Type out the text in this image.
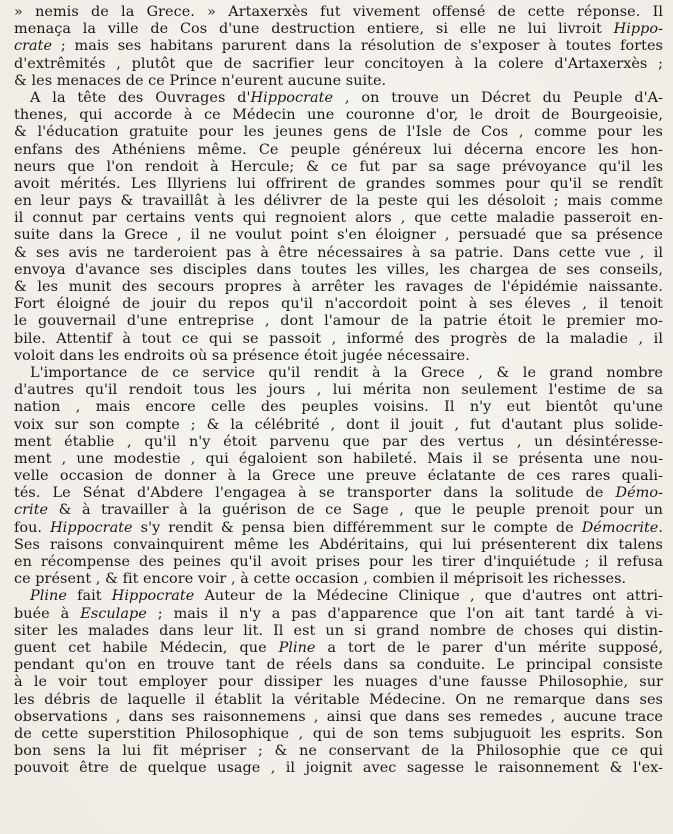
» nemis de la Grece. » Artaxerxès fut vivement offensé de cette réponse. Il
menaça la ville de Cos d'une destruction entiere, si elle ne lui livroit Hippo-
crate ; mais ses habitans parurent dans la résolution de s'exposer à toutes fortes
d'extrêmités , plutôt que de sacrifier leur concitoyen à la colere d'Artaxerxès ;
& les menaces de ce Prince n'eurent aucune suite.
A la tête des Ouvrages d'Hippocrate , on trouve un Décret du Peuple d'A-
thenes, qui accorde à ce Médecin une couronne d'or, le droit de Bourgeoisie,
& l'éducation gratuite pour les jeunes gens de l'Isle de Cos , comme pour les
enfans des Athéniens même. Ce peuple généreux lui décerna encore les hon-
neurs que l'on rendoit à Hercule; & ce fut par sa sage prévoyance qu'il les
avoit mérités. Les Illyriens lui offrirent de grandes sommes pour qu'il se rendît
en leur pays & travaillât à les délivrer de la peste qui les désoloit ; mais comme
il connut par certains vents qui regnoient alors , que cette maladie passeroit en-
suite dans la Grece , il ne voulut point s'en éloigner , persuadé que sa présence
& ses avis ne tarderoient pas à être nécessaires à sa patrie. Dans cette vue , il
envoya d'avance ses disciples dans toutes les villes, les chargea de ses conseils,
& les munit des secours propres à arrêter les ravages de l'épidémie naissante.
Fort éloigné de jouir du repos qu'il n'accordoit point à ses éleves , il tenoit
le gouvernail d'une entreprise , dont l'amour de la patrie étoit le premier mo-
bile. Attentif à tout ce qui se passoit , informé des progrès de la maladie , il
voloit dans les endroits où sa présence étoit jugée nécessaire.
L'importance de ce service qu'il rendit à la Grece , & le grand nombre
d'autres qu'il rendoit tous les jours , lui mérita non seulement l'estime de sa
nation , mais encore celle des peuples voisins. Il n'y eut bientôt qu'une
voix sur son compte ; & la célébrité , dont il jouit , fut d'autant plus solide-
ment établie , qu'il n'y étoit parvenu que par des vertus , un désintéresse-
ment , une modestie , qui égaloient son habileté. Mais il se présenta une nou-
velle occasion de donner à la Grece une preuve éclatante de ces rares quali-
tés. Le Sénat d'Abdere l'engagea à se transporter dans la solitude de Démo-
crite & à travailler à la guérison de ce Sage , que le peuple prenoit pour un
fou. Hippocrate s'y rendit & pensa bien différemment sur le compte de Démocrite.
Ses raisons convainquirent même les Abdéritains, qui lui présenterent dix talens
en récompense des peines qu'il avoit prises pour les tirer d'inquiétude ; il refusa
ce présent , & fit encore voir , à cette occasion , combien il méprisoit les richesses.
Pline fait Hippocrate Auteur de la Médecine Clinique , que d'autres ont attri-
buée à Esculape ; mais il n'y a pas d'apparence que l'on ait tant tardé à vi-
siter les malades dans leur lit. Il est un si grand nombre de choses qui distin-
guent cet habile Médecin, que Pline a tort de le parer d'un mérite supposé,
pendant qu'on en trouve tant de réels dans sa conduite. Le principal consiste
à le voir tout employer pour dissiper les nuages d'une fausse Philosophie, sur
les débris de laquelle il établit la véritable Médecine. On ne remarque dans ses
observations , dans ses raisonnemens , ainsi que dans ses remedes , aucune trace
de cette superstition Philosophique , qui de son tems subjuguoit les esprits. Son
bon sens la lui fit mépriser ; & ne conservant de la Philosophie que ce qui
pouvoit être de quelque usage , il joignit avec sagesse le raisonnement & l'ex-
